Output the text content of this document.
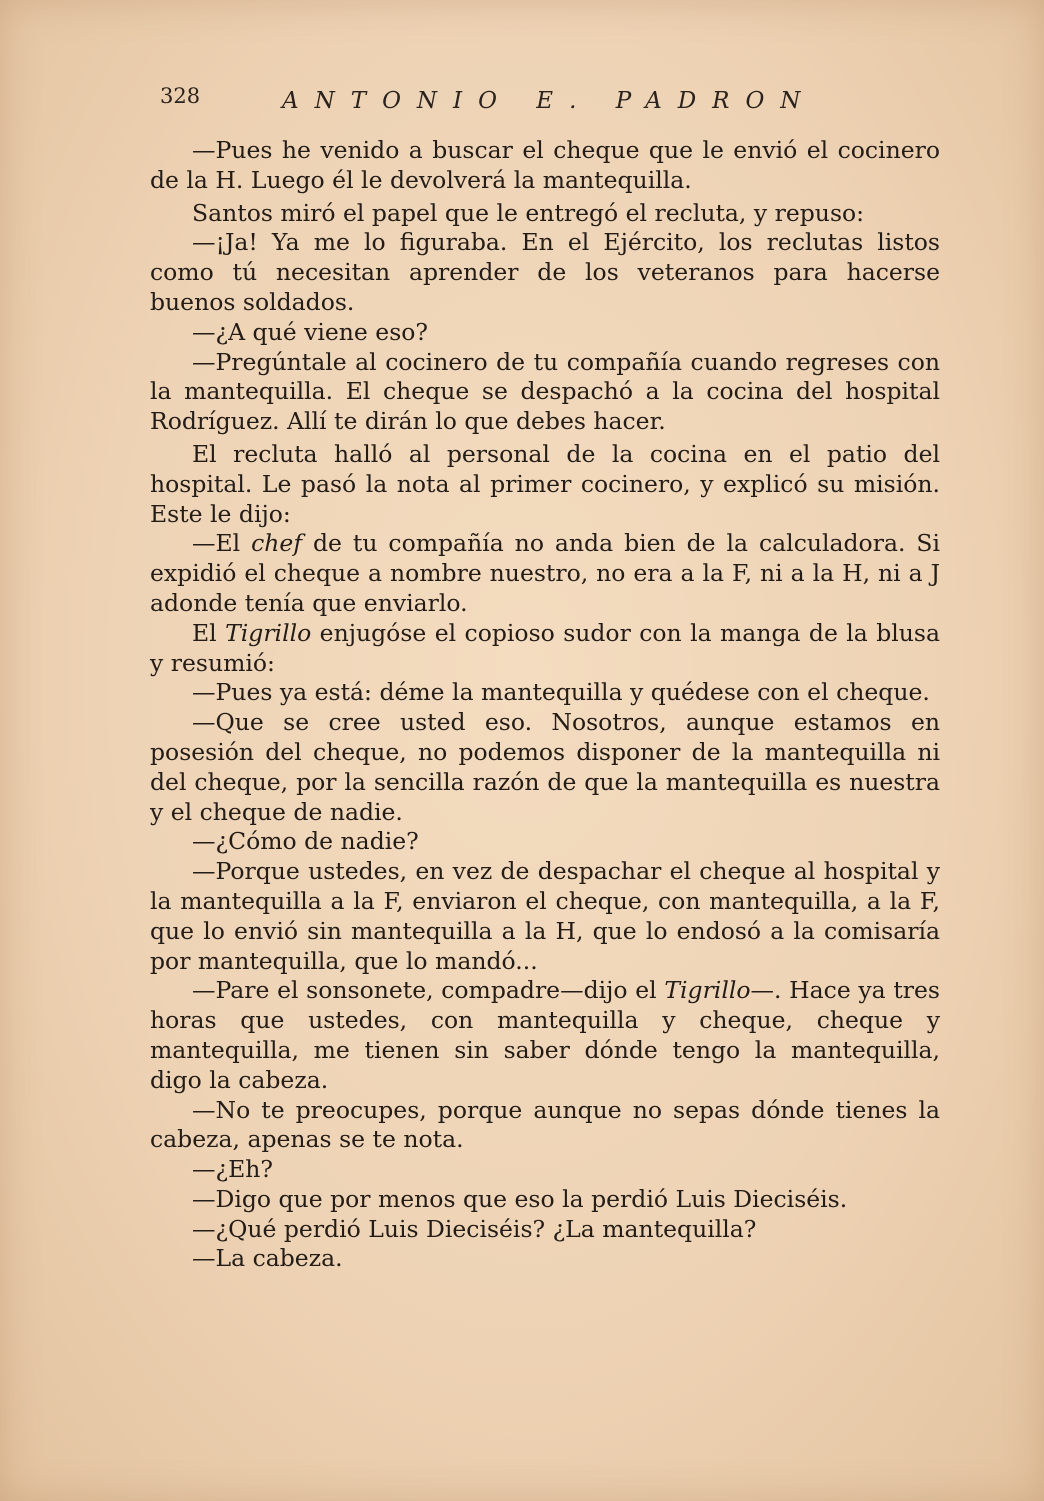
328	ANTONIO E. PADRON

—Pues he venido a buscar el cheque que le envió el cocinero de la H. Luego él le devolverá la mantequilla.

Santos miró el papel que le entregó el recluta, y repuso:

—¡Ja! Ya me lo figuraba. En el Ejército, los reclutas listos como tú necesitan aprender de los veteranos para hacerse buenos soldados.

—¿A qué viene eso?

—Pregúntale al cocinero de tu compañía cuando regreses con la mantequilla. El cheque se despachó a la cocina del hospital Rodríguez. Allí te dirán lo que debes hacer.

El recluta halló al personal de la cocina en el patio del hospital. Le pasó la nota al primer cocinero, y explicó su misión. Este le dijo:

—El chef de tu compañía no anda bien de la calculadora. Si expidió el cheque a nombre nuestro, no era a la F, ni a la H, ni a J adonde tenía que enviarlo.

El Tigrillo enjugóse el copioso sudor con la manga de la blusa y resumió:

—Pues ya está: déme la mantequilla y quédese con el cheque.

—Que se cree usted eso. Nosotros, aunque estamos en posesión del cheque, no podemos disponer de la mantequilla ni del cheque, por la sencilla razón de que la mantequilla es nuestra y el cheque de nadie.

—¿Cómo de nadie?

—Porque ustedes, en vez de despachar el cheque al hospital y la mantequilla a la F, enviaron el cheque, con mantequilla, a la F, que lo envió sin mantequilla a la H, que lo endosó a la comisaría por mantequilla, que lo mandó...

—Pare el sonsonete, compadre—dijo el Tigrillo—. Hace ya tres horas que ustedes, con mantequilla y cheque, cheque y mantequilla, me tienen sin saber dónde tengo la mantequilla, digo la cabeza.

—No te preocupes, porque aunque no sepas dónde tienes la cabeza, apenas se te nota.

—¿Eh?

—Digo que por menos que eso la perdió Luis Dieciséis.

—¿Qué perdió Luis Dieciséis? ¿La mantequilla?

—La cabeza.
